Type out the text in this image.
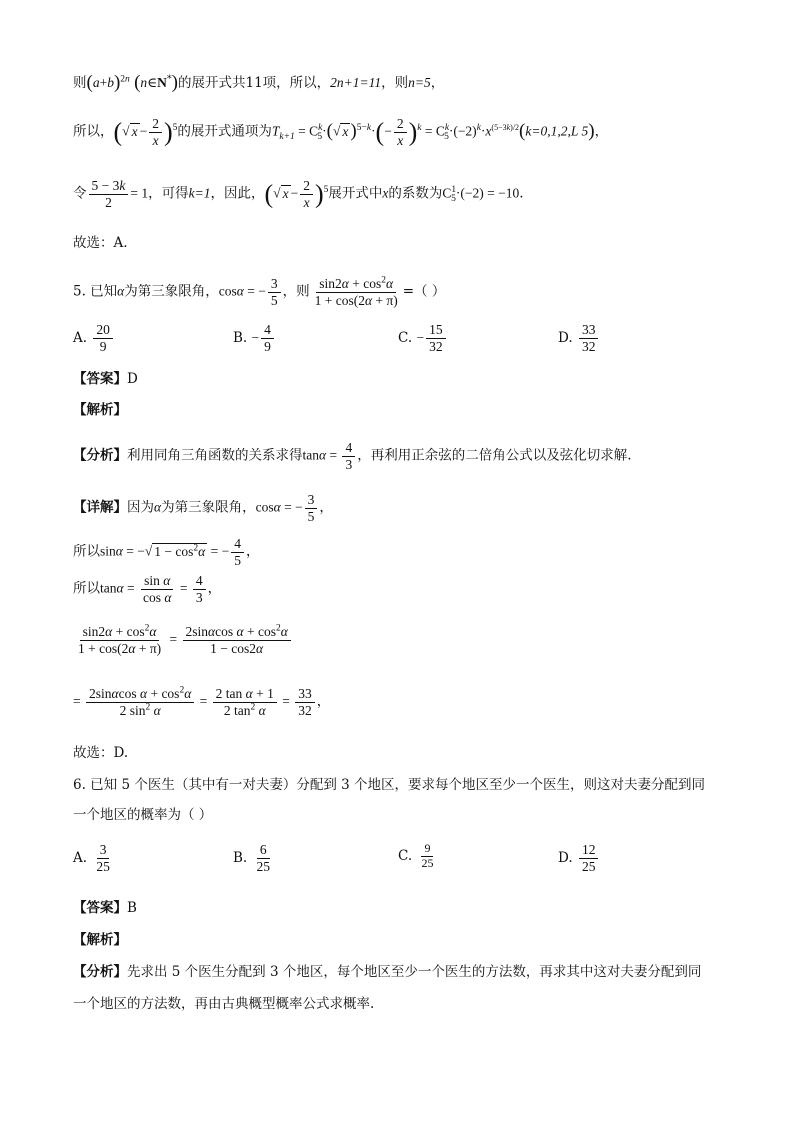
则$(a+b)^{2n}$ (n∈N*)的展开式共11项，所以，2n+1=11，则n=5，
所以，(√ $x - \frac{2}{x} )^5$的展开式通项为$T_{k+1} = C^k_5\cdot(√$ x )$^{5-k}\cdot(- \frac{2}{x} )^k = C^k_5\cdot(-2)^k\cdot x^{(5-3k)/2}(k=0,1,2,L$ 5)，
令 $\frac{5 - 3k}{2} = 1$，可得k=1，因此，(√ $x - \frac{2}{x} )^5$展开式中x的系数为$C^1_5\cdot(-2) = -10$.
故选：A.
5. 已知α为第三象限角，cosα = − $\frac{3}{5}$ ，则 $\frac{\sin 2\alpha + \cos^2\alpha}{1 + \cos(2\alpha + \pi)}$ =（ ）
A. $\frac{20}{9}$	B. − $\frac{4}{9}$	C. − $\frac{15}{32}$	D. $\frac{33}{32}$
【答案】D
【解析】
【分析】利用同角三角函数的关系求得$\tan\alpha = \frac{4}{3}$ ，再利用正余弦的二倍角公式以及弦化切求解.
【详解】因为α为第三象限角，cosα = − $\frac{3}{5}$ ，
所以sinα = −√ $1 - \cos^2\alpha$ = − $\frac{4}{5}$ ，
所以$\tan\alpha = \frac{\text{sin α}}{\text{cos α}} = \frac{4}{3}$ ，
$\frac{\sin 2\alpha + \cos^2\alpha}{1 + \cos(2\alpha + \pi)} = \frac{2\sin\alpha\cos \alpha + \cos^2\alpha}{1 - \cos 2\alpha}$
= $\frac{2\sin\alpha\cos \alpha + \cos^2\alpha}{2 \sin^2 \alpha} = \frac{\text{2 tan α + 1}}{2 \tan^2 \alpha} = \frac{33}{32}$ ，
故选：D.
6. 已知 5 个医生（其中有一对夫妻）分配到 3 个地区，要求每个地区至少一个医生，则这对夫妻分配到同
一个地区的概率为（ ）
A. $\frac{3}{25}$	B. $\frac{6}{25}$	C. $\frac{9}{25}$	D. $\frac{12}{25}$
【答案】B
【解析】
【分析】先求出 5 个医生分配到 3 个地区，每个地区至少一个医生的方法数，再求其中这对夫妻分配到同
一个地区的方法数，再由古典概型概率公式求概率.
